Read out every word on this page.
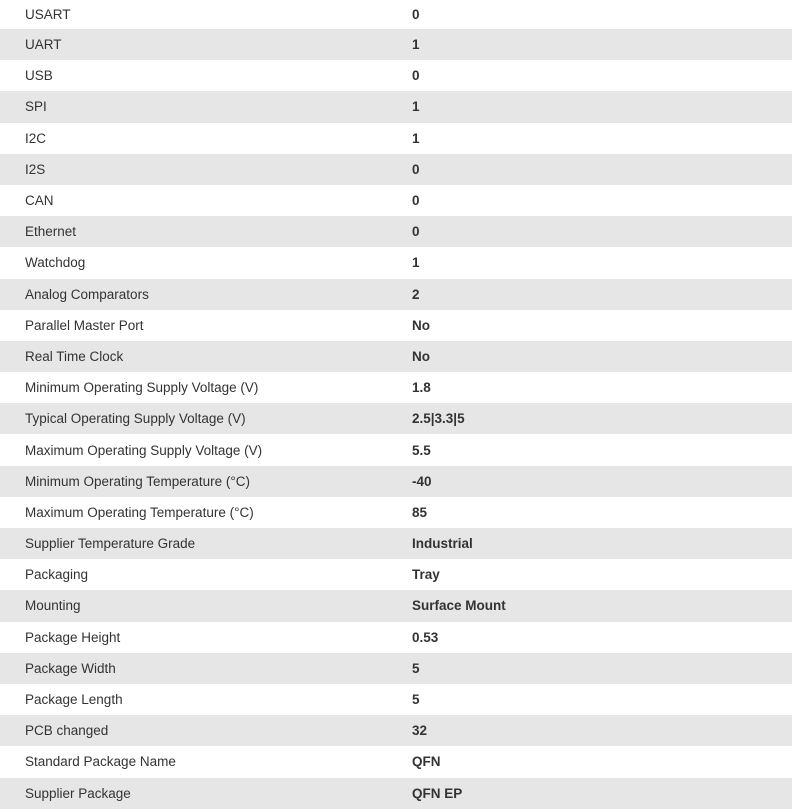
USART	0
UART	1
USB	0
SPI	1
I2C	1
I2S	0
CAN	0
Ethernet	0
Watchdog	1
Analog Comparators	2
Parallel Master Port	No
Real Time Clock	No
Minimum Operating Supply Voltage (V)	1.8
Typical Operating Supply Voltage (V)	2.5|3.3|5
Maximum Operating Supply Voltage (V)	5.5
Minimum Operating Temperature (°C)	-40
Maximum Operating Temperature (°C)	85
Supplier Temperature Grade	Industrial
Packaging	Tray
Mounting	Surface Mount
Package Height	0.53
Package Width	5
Package Length	5
PCB changed	32
Standard Package Name	QFN
Supplier Package	QFN EP
